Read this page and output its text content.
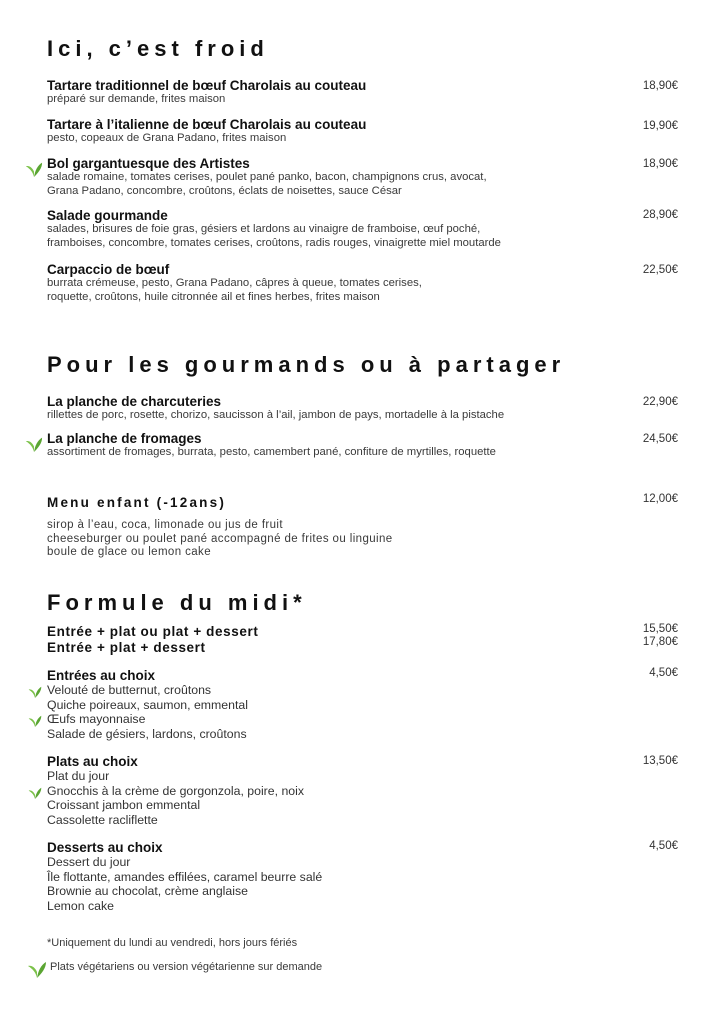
Ici, c’est froid
Tartare traditionnel de bœuf Charolais au couteau
préparé sur demande, frites maison
18,90€
Tartare à l’italienne de bœuf Charolais au couteau
pesto, copeaux de Grana Padano, frites maison
19,90€
Bol gargantuesque des Artistes
salade romaine, tomates cerises, poulet pané panko, bacon, champignons crus, avocat,
Grana Padano, concombre, croûtons, éclats de noisettes, sauce César
18,90€
Salade gourmande
salades, brisures de foie gras, gésiers et lardons au vinaigre de framboise, œuf poché,
framboises, concombre, tomates cerises, croûtons, radis rouges, vinaigrette miel moutarde
28,90€
Carpaccio de bœuf
burrata crémeuse, pesto, Grana Padano, câpres à queue, tomates cerises,
roquette, croûtons, huile citronnée ail et fines herbes, frites maison
22,50€
Pour les gourmands ou à partager
La planche de charcuteries
rillettes de porc, rosette, chorizo, saucisson à l’ail, jambon de pays, mortadelle à la pistache
22,90€
La planche de fromages
assortiment de fromages, burrata, pesto, camembert pané, confiture de myrtilles, roquette
24,50€
Menu enfant (-12ans)	12,00€
sirop à l’eau, coca, limonade ou jus de fruit
cheeseburger ou poulet pané accompagné de frites ou linguine
boule de glace ou lemon cake
Formule du midi*
Entrée + plat ou plat + dessert
Entrée + plat + dessert
15,50€
17,80€
Entrées au choix
Velouté de butternut, croûtons
Quiche poireaux, saumon, emmental
Œufs mayonnaise
Salade de gésiers, lardons, croûtons
4,50€
Plats au choix
Plat du jour
Gnocchis à la crème de gorgonzola, poire, noix
Croissant jambon emmental
Cassolette racliflette
13,50€
Desserts au choix
Dessert du jour
Île flottante, amandes effilées, caramel beurre salé
Brownie au chocolat, crème anglaise
Lemon cake
4,50€
*Uniquement du lundi au vendredi, hors jours fériés
Plats végétariens ou version végétarienne sur demande
